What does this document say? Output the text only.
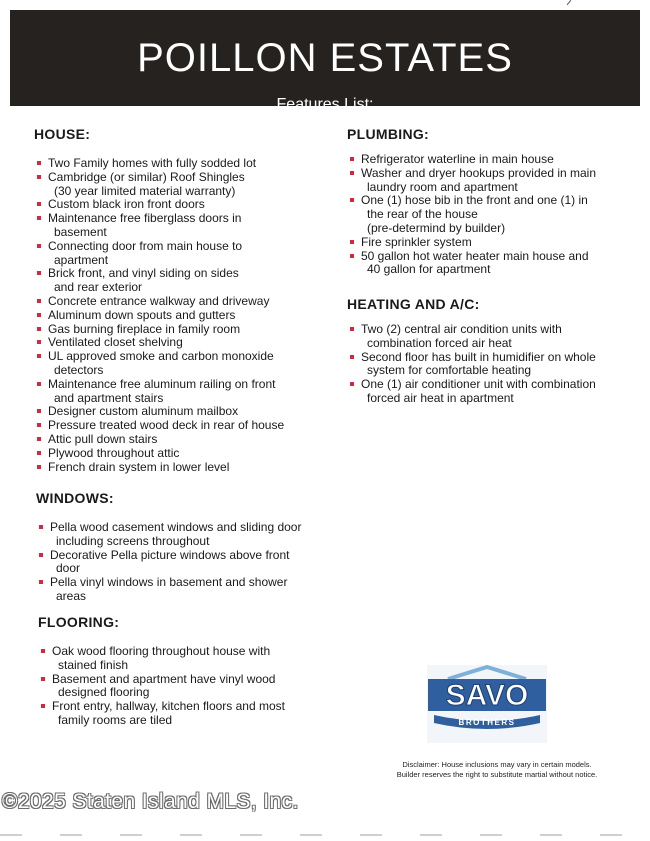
POILLON ESTATES
Features List:
HOUSE:
Two Family homes with fully sodded lot
Cambridge (or similar) Roof Shingles
(30 year limited material warranty)
Custom black iron front doors
Maintenance free fiberglass doors in
basement
Connecting door from main house to
apartment
Brick front, and vinyl siding on sides
and rear exterior
Concrete entrance walkway and driveway
Aluminum down spouts and gutters
Gas burning fireplace in family room
Ventilated closet shelving
UL approved smoke and carbon monoxide
detectors
Maintenance free aluminum railing on front
and apartment stairs
Designer custom aluminum mailbox
Pressure treated wood deck in rear of house
Attic pull down stairs
Plywood throughout attic
French drain system in lower level
WINDOWS:
Pella wood casement windows and sliding door
including screens throughout
Decorative Pella picture windows above front
door
Pella vinyl windows in basement and shower
areas
FLOORING:
Oak wood flooring throughout house with
stained finish
Basement and apartment have vinyl wood
designed flooring
Front entry, hallway, kitchen floors and most
family rooms are tiled
PLUMBING:
Refrigerator waterline in main house
Washer and dryer hookups provided in main
laundry room and apartment
One (1) hose bib in the front and one (1) in
the rear of the house
(pre-determind by builder)
Fire sprinkler system
50 gallon hot water heater main house and
40 gallon for apartment
HEATING AND A/C:
Two (2) central air condition units with
combination forced air heat
Second floor has built in humidifier on whole
system for comfortable heating
One (1) air conditioner unit with combination
forced air heat in apartment
SAVO
BROTHERS
Disclaimer: House inclusions may vary in certain models.
Builder reserves the right to substitute martial without notice.
©2025 Staten Island MLS, Inc.
